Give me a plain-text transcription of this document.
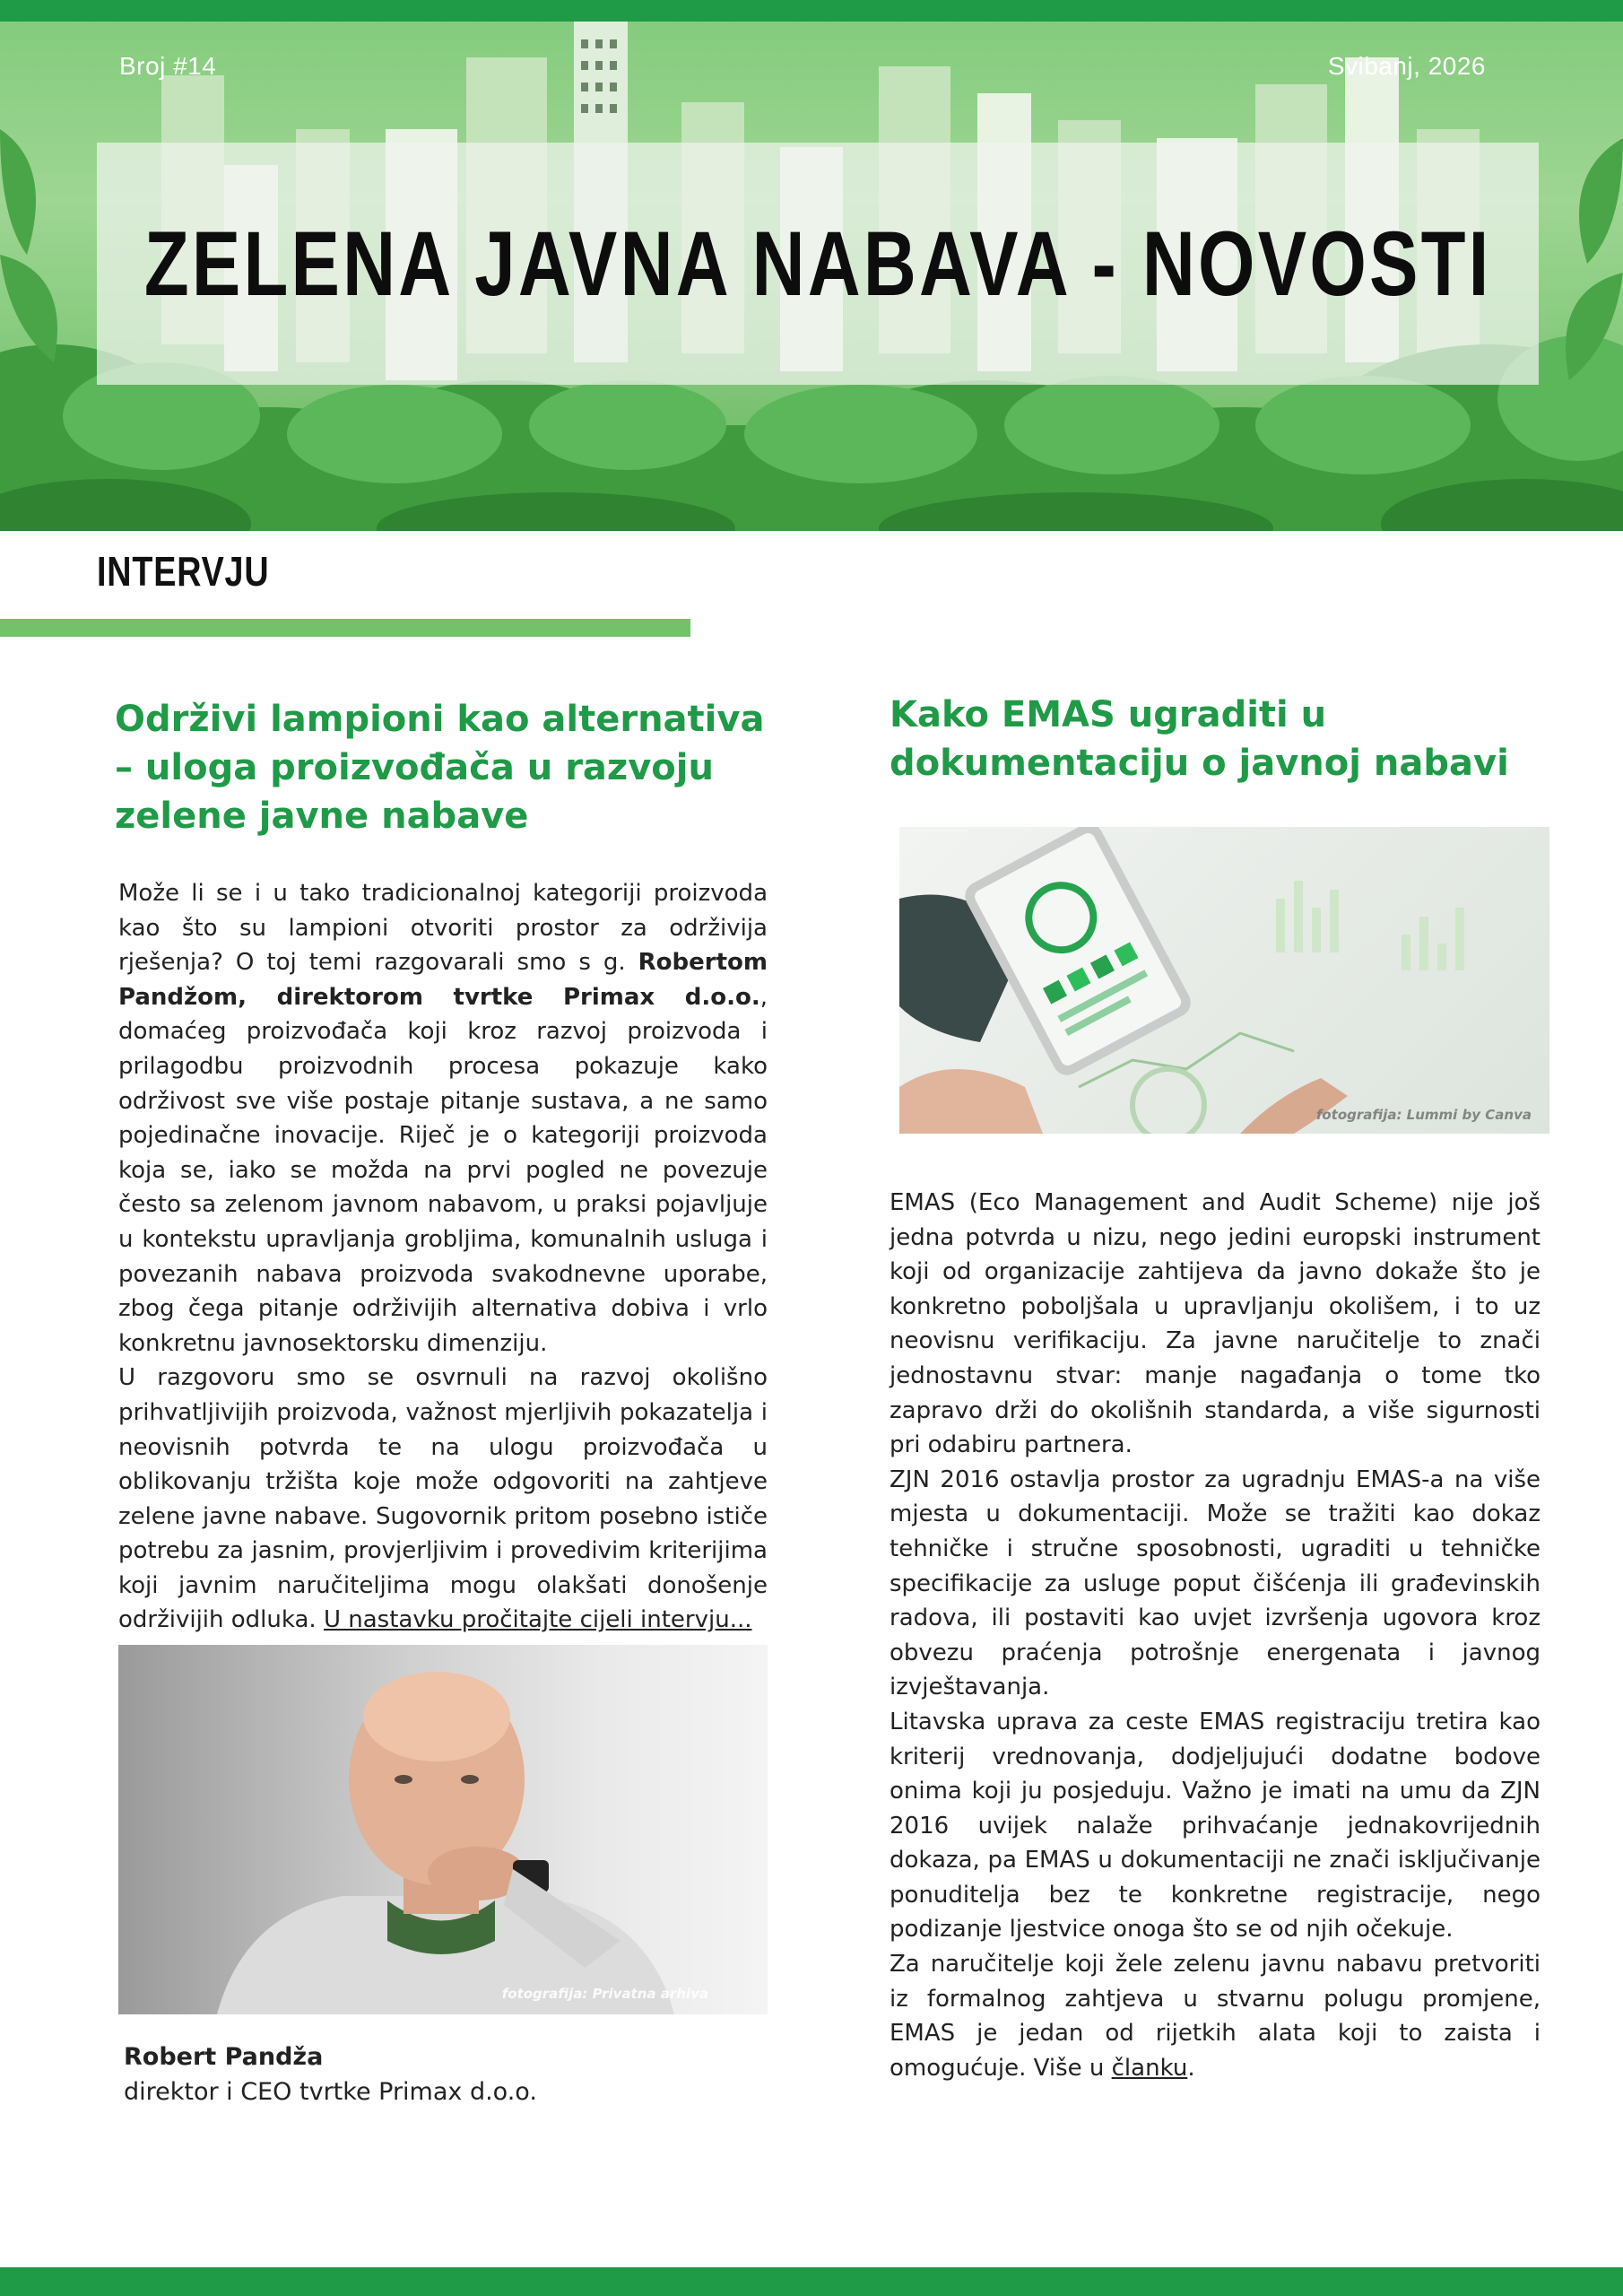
Broj #14	Svibanj, 2026
ZELENA JAVNA NABAVA - NOVOSTI
INTERVJU
Održivi lampioni kao alternativa – uloga proizvođača u razvoju zelene javne nabave

Može li se i u tako tradicionalnoj kategoriji proizvoda kao što su lampioni otvoriti prostor za održivija rješenja? O toj temi razgovarali smo s g. Robertom Pandžom, direktorom tvrtke Primax d.o.o., domaćeg proizvođača koji kroz razvoj proizvoda i prilagodbu proizvodnih procesa pokazuje kako održivost sve više postaje pitanje sustava, a ne samo pojedinačne inovacije. Riječ je o kategoriji proizvoda koja se, iako se možda na prvi pogled ne povezuje često sa zelenom javnom nabavom, u praksi pojavljuje u kontekstu upravljanja grobljima, komunalnih usluga i povezanih nabava proizvoda svakodnevne uporabe, zbog čega pitanje održivijih alternativa dobiva i vrlo konkretnu javnosektorsku dimenziju.

U razgovoru smo se osvrnuli na razvoj okolišno prihvatljivijih proizvoda, važnost mjerljivih pokazatelja i neovisnih potvrda te na ulogu proizvođača u oblikovanju tržišta koje može odgovoriti na zahtjeve zelene javne nabave. Sugovornik pritom posebno ističe potrebu za jasnim, provjerljivim i provedivim kriterijima koji javnim naručiteljima mogu olakšati donošenje održivijih odluka. U nastavku pročitajte cijeli intervju...

fotografija: Privatna arhiva
Robert Pandža
direktor i CEO tvrtke Primax d.o.o.
Kako EMAS ugraditi u dokumentaciju o javnoj nabavi
fotografija: Lummi by Canva

EMAS (Eco Management and Audit Scheme) nije još jedna potvrda u nizu, nego jedini europski instrument koji od organizacije zahtijeva da javno dokaže što je konkretno poboljšala u upravljanju okolišem, i to uz neovisnu verifikaciju. Za javne naručitelje to znači jednostavnu stvar: manje nagađanja o tome tko zapravo drži do okolišnih standarda, a više sigurnosti pri odabiru partnera.

ZJN 2016 ostavlja prostor za ugradnju EMAS-a na više mjesta u dokumentaciji. Može se tražiti kao dokaz tehničke i stručne sposobnosti, ugraditi u tehničke specifikacije za usluge poput čišćenja ili građevinskih radova, ili postaviti kao uvjet izvršenja ugovora kroz obvezu praćenja potrošnje energenata i javnog izvještavanja.

Litavska uprava za ceste EMAS registraciju tretira kao kriterij vrednovanja, dodjeljujući dodatne bodove onima koji ju posjeduju. Važno je imati na umu da ZJN 2016 uvijek nalaže prihvaćanje jednakovrijednih dokaza, pa EMAS u dokumentaciji ne znači isključivanje ponuditelja bez te konkretne registracije, nego podizanje ljestvice onoga što se od njih očekuje.

Za naručitelje koji žele zelenu javnu nabavu pretvoriti iz formalnog zahtjeva u stvarnu polugu promjene, EMAS je jedan od rijetkih alata koji to zaista i omogućuje. Više u članku.
